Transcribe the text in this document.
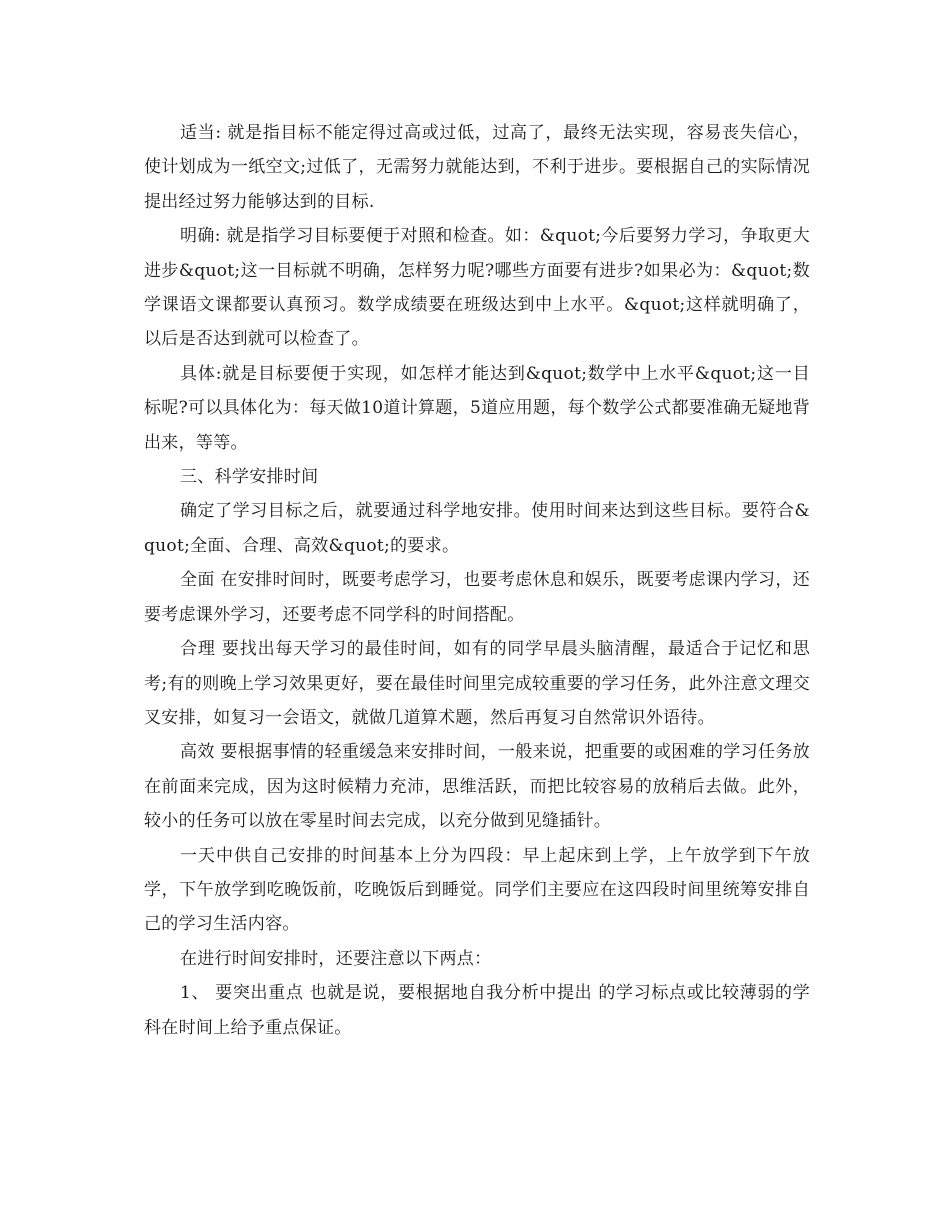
适当: 就是指目标不能定得过高或过低，过高了，最终无法实现，容易丧失信心，使计划成为一纸空文;过低了，无需努力就能达到，不利于进步。要根据自己的实际情况提出经过努力能够达到的目标.

明确: 就是指学习目标要便于对照和检查。如：&quot;今后要努力学习，争取更大进步&quot;这一目标就不明确，怎样努力呢?哪些方面要有进步?如果必为：&quot;数学课语文课都要认真预习。数学成绩要在班级达到中上水平。&quot;这样就明确了，以后是否达到就可以检查了。

具体:就是目标要便于实现，如怎样才能达到&quot;数学中上水平&quot;这一目标呢?可以具体化为：每天做10道计算题，5道应用题，每个数学公式都要准确无疑地背出来，等等。

三、科学安排时间

确定了学习目标之后，就要通过科学地安排。使用时间来达到这些目标。要符合&quot;全面、合理、高效&quot;的要求。

全面 在安排时间时，既要考虑学习，也要考虑休息和娱乐，既要考虑课内学习，还要考虑课外学习，还要考虑不同学科的时间搭配。

合理 要找出每天学习的最佳时间，如有的同学早晨头脑清醒，最适合于记忆和思考;有的则晚上学习效果更好，要在最佳时间里完成较重要的学习任务，此外注意文理交叉安排，如复习一会语文，就做几道算术题，然后再复习自然常识外语待。

高效 要根据事情的轻重缓急来安排时间，一般来说，把重要的或困难的学习任务放在前面来完成，因为这时候精力充沛，思维活跃，而把比较容易的放稍后去做。此外，较小的任务可以放在零星时间去完成，以充分做到见缝插针。

一天中供自己安排的时间基本上分为四段：早上起床到上学，上午放学到下午放学，下午放学到吃晚饭前，吃晚饭后到睡觉。同学们主要应在这四段时间里统筹安排自己的学习生活内容。

在进行时间安排时，还要注意以下两点：

1、 要突出重点 也就是说，要根据地自我分析中提出 的学习标点或比较薄弱的学科在时间上给予重点保证。
